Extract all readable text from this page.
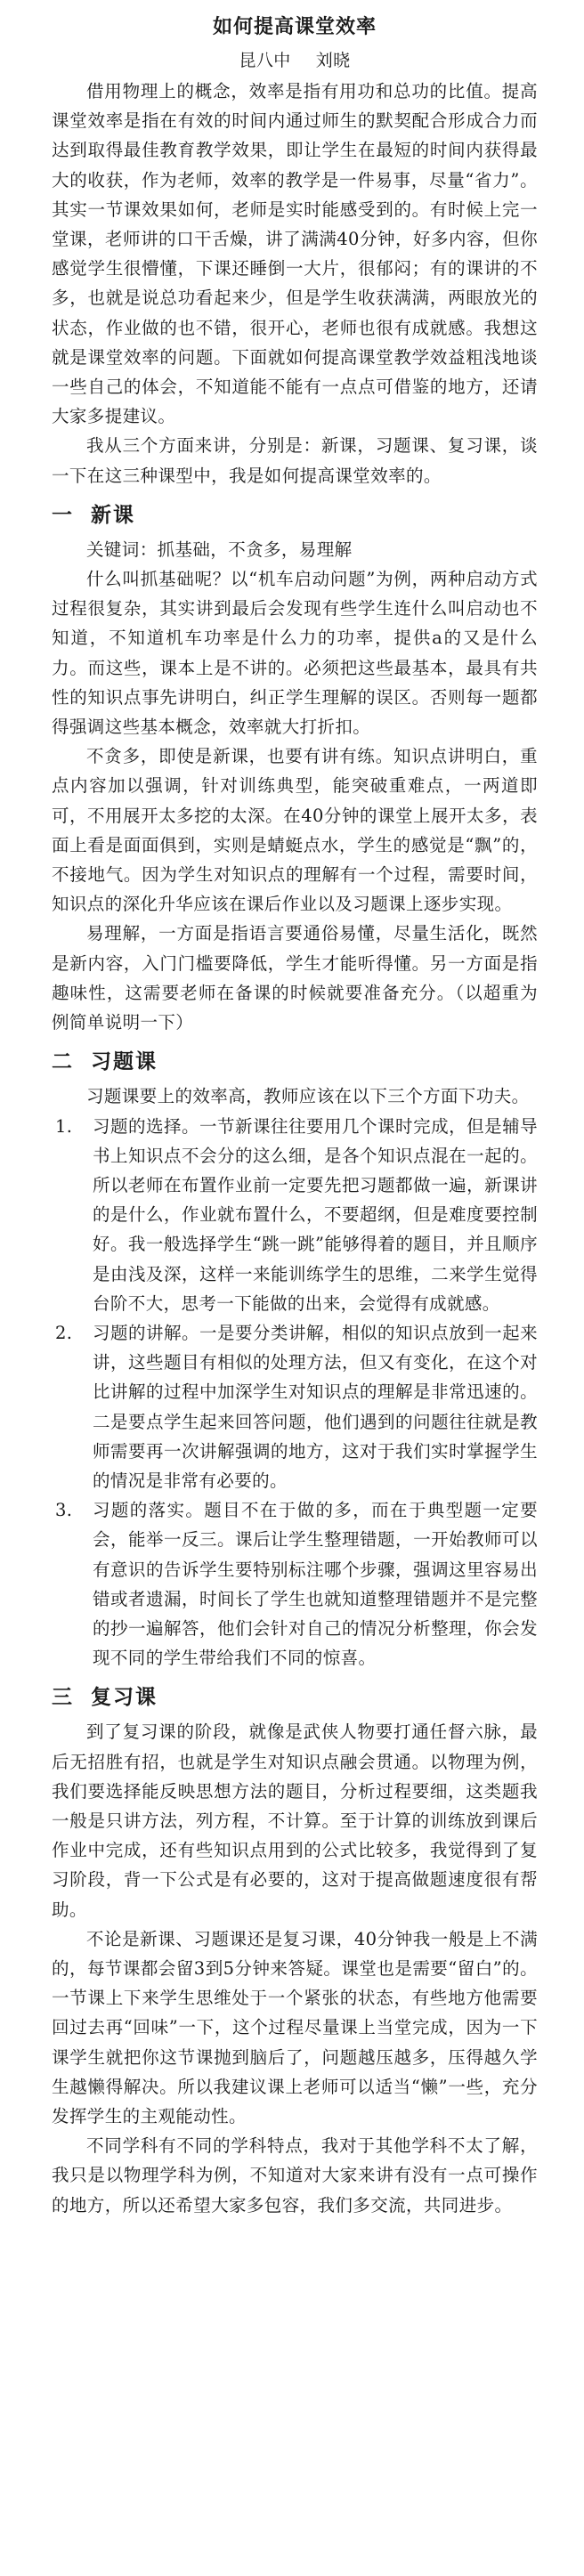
如何提高课堂效率
昆八中 刘晓

借用物理上的概念，效率是指有用功和总功的比值。提高课堂效率是指在有效的时间内通过师生的默契配合形成合力而达到取得最佳教育教学效果，即让学生在最短的时间内获得最大的收获，作为老师，效率的教学是一件易事，尽量“省力”。其实一节课效果如何，老师是实时能感受到的。有时候上完一堂课，老师讲的口干舌燥，讲了满满40分钟，好多内容，但你感觉学生很懵懂，下课还睡倒一大片，很郁闷；有的课讲的不多，也就是说总功看起来少，但是学生收获满满，两眼放光的状态，作业做的也不错，很开心，老师也很有成就感。我想这就是课堂效率的问题。下面就如何提高课堂教学效益粗浅地谈一些自己的体会，不知道能不能有一点点可借鉴的地方，还请大家多提建议。

我从三个方面来讲，分别是：新课，习题课、复习课，谈一下在这三种课型中，我是如何提高课堂效率的。

一 新课

关键词：抓基础，不贪多，易理解

什么叫抓基础呢？以“机车启动问题”为例，两种启动方式过程很复杂，其实讲到最后会发现有些学生连什么叫启动也不知道，不知道机车功率是什么力的功率，提供a的又是什么力。而这些，课本上是不讲的。必须把这些最基本，最具有共性的知识点事先讲明白，纠正学生理解的误区。否则每一题都得强调这些基本概念，效率就大打折扣。

不贪多，即使是新课，也要有讲有练。知识点讲明白，重点内容加以强调，针对训练典型，能突破重难点，一两道即可，不用展开太多挖的太深。在40分钟的课堂上展开太多，表面上看是面面俱到，实则是蜻蜓点水，学生的感觉是“飘”的，不接地气。因为学生对知识点的理解有一个过程，需要时间，知识点的深化升华应该在课后作业以及习题课上逐步实现。

易理解，一方面是指语言要通俗易懂，尽量生活化，既然是新内容，入门门槛要降低，学生才能听得懂。另一方面是指趣味性，这需要老师在备课的时候就要准备充分。（以超重为例简单说明一下）

二 习题课

习题课要上的效率高，教师应该在以下三个方面下功夫。

1. 习题的选择。一节新课往往要用几个课时完成，但是辅导书上知识点不会分的这么细，是各个知识点混在一起的。所以老师在布置作业前一定要先把习题都做一遍，新课讲的是什么，作业就布置什么，不要超纲，但是难度要控制好。我一般选择学生“跳一跳”能够得着的题目，并且顺序是由浅及深，这样一来能训练学生的思维，二来学生觉得台阶不大，思考一下能做的出来，会觉得有成就感。
2. 习题的讲解。一是要分类讲解，相似的知识点放到一起来讲，这些题目有相似的处理方法，但又有变化，在这个对比讲解的过程中加深学生对知识点的理解是非常迅速的。二是要点学生起来回答问题，他们遇到的问题往往就是教师需要再一次讲解强调的地方，这对于我们实时掌握学生的情况是非常有必要的。
3. 习题的落实。题目不在于做的多，而在于典型题一定要会，能举一反三。课后让学生整理错题，一开始教师可以有意识的告诉学生要特别标注哪个步骤，强调这里容易出错或者遗漏，时间长了学生也就知道整理错题并不是完整的抄一遍解答，他们会针对自己的情况分析整理，你会发现不同的学生带给我们不同的惊喜。
三 复习课

到了复习课的阶段，就像是武侠人物要打通任督六脉，最后无招胜有招，也就是学生对知识点融会贯通。以物理为例，我们要选择能反映思想方法的题目，分析过程要细，这类题我一般是只讲方法，列方程，不计算。至于计算的训练放到课后作业中完成，还有些知识点用到的公式比较多，我觉得到了复习阶段，背一下公式是有必要的，这对于提高做题速度很有帮助。

不论是新课、习题课还是复习课，40分钟我一般是上不满的，每节课都会留3到5分钟来答疑。课堂也是需要“留白”的。一节课上下来学生思维处于一个紧张的状态，有些地方他需要回过去再“回味”一下，这个过程尽量课上当堂完成，因为一下课学生就把你这节课抛到脑后了，问题越压越多，压得越久学生越懒得解决。所以我建议课上老师可以适当“懒”一些，充分发挥学生的主观能动性。

不同学科有不同的学科特点，我对于其他学科不太了解，我只是以物理学科为例，不知道对大家来讲有没有一点可操作的地方，所以还希望大家多包容，我们多交流，共同进步。
